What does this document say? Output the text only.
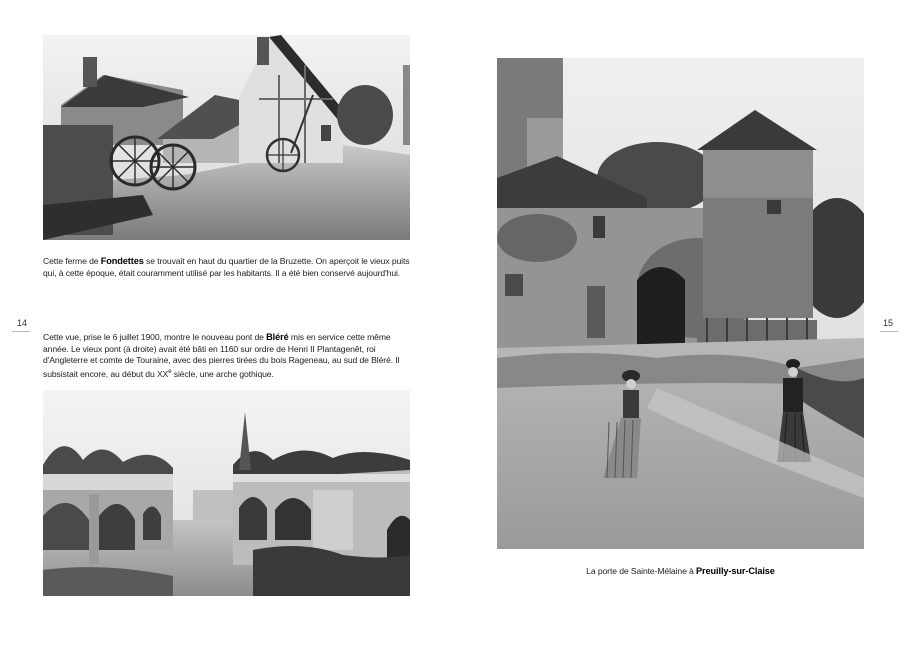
Cette ferme de Fondettes se trouvait en haut du quartier de la Bruzette. On aperçoit le vieux puits qui, à cette époque, était couramment utilisé par les habitants. Il a été bien conservé aujourd'hui.
14
Cette vue, prise le 6 juillet 1900, montre le nouveau pont de Bléré mis en service cette même année. Le vieux pont (à droite) avait été bâti en 1160 sur ordre de Henri II Plantagenêt, roi d'Angleterre et comte de Touraine, avec des pierres tirées du bois Rageneau, au sud de Bléré. Il subsistait encore, au début du XXe siècle, une arche gothique.
15
La porte de Sainte-Mélaine à Preuilly-sur-Claise
